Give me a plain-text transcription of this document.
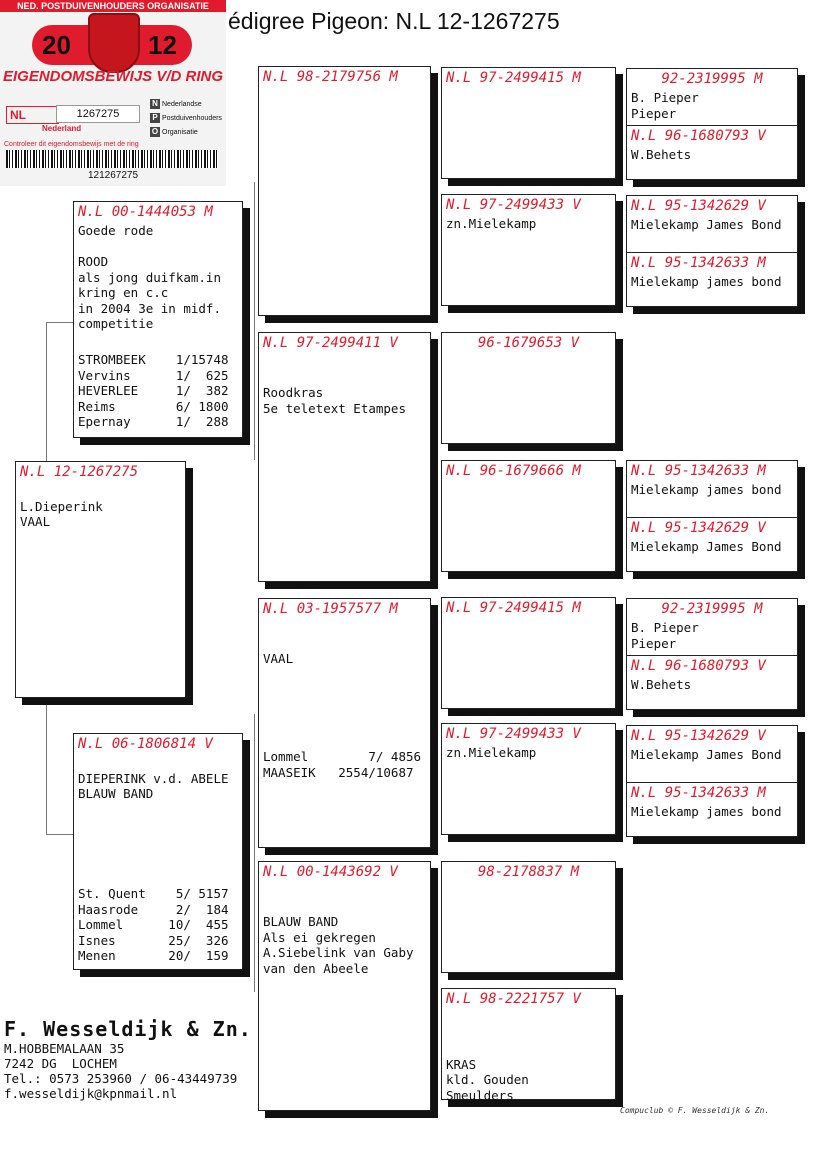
NED. POSTDUIVENHOUDERS ORGANISATIE
20	12
EIGENDOMSBEWIJS V/D RING
NL	1267275
Nederland
N Nederlandse
P Postduivenhouders
O Organisatie
Controleer dit eigendomsbewijs met de ring
121267275
édigree Pigeon: N.L 12-1267275
N.L 12-1267275

L.Dieperink
VAAL
N.L 00-1444053 M
Goede rode

ROOD
als jong duifkam.in
kring en c.c
in 2004 3e in midf.
competitie
STROMBEEK    1/15748
Vervins      1/  625
HEVERLEE     1/  382
Reims        6/ 1800
Epernay      1/  288
N.L 06-1806814 V

DIEPERINK v.d. ABELE
BLAUW BAND
St. Quent    5/ 5157
Haasrode     2/  184
Lommel      10/  455
Isnes       25/  326
Menen       20/  159
N.L 98-2179756 M
N.L 97-2499411 V

Roodkras
5e teletext Etampes
N.L 03-1957577 M

VAAL
Lommel        7/ 4856
MAASEIK   2554/10687
N.L 00-1443692 V

BLAUW BAND
Als ei gekregen
A.Siebelink van Gaby
van den Abeele
N.L 97-2499415 M
N.L 97-2499433 V
zn.Mielekamp
96-1679653 V
N.L 96-1679666 M
N.L 97-2499415 M
N.L 97-2499433 V
zn.Mielekamp
98-2178837 M
N.L 98-2221757 V

KRAS
kld. Gouden
Smeulders
92-2319995 M
B. Pieper
Pieper
N.L 96-1680793 V
W.Behets
N.L 95-1342629 V
Mielekamp James Bond
N.L 95-1342633 M
Mielekamp james bond
N.L 95-1342633 M
Mielekamp james bond
N.L 95-1342629 V
Mielekamp James Bond
92-2319995 M
B. Pieper
Pieper
N.L 96-1680793 V
W.Behets
N.L 95-1342629 V
Mielekamp James Bond
N.L 95-1342633 M
Mielekamp james bond
F. Wesseldijk & Zn.
M.HOBBEMALAAN 35
7242 DG  LOCHEM
Tel.: 0573 253960 / 06-43449739
f.wesseldijk@kpnmail.nl
Compuclub © F. Wesseldijk & Zn.
